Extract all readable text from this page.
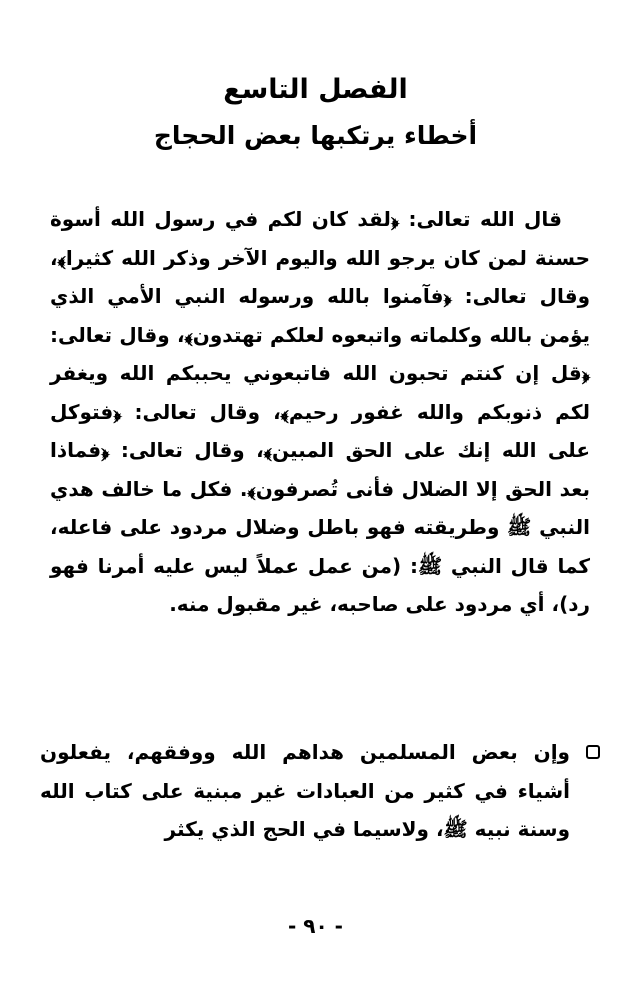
الفصل التاسع
أخطاء يرتكبها بعض الحجاج

قال الله تعالى: ﴿لقد كان لكم في رسول الله أسوة حسنة لمن كان يرجو الله واليوم الآخر وذكر الله كثيرا﴾، وقال تعالى: ﴿فآمنوا بالله ورسوله النبي الأمي الذي يؤمن بالله وكلماته واتبعوه لعلكم تهتدون﴾، وقال تعالى: ﴿قل إن كنتم تحبون الله فاتبعوني يحببكم الله ويغفر لكم ذنوبكم والله غفور رحيم﴾، وقال تعالى: ﴿فتوكل على الله إنك على الحق المبين﴾، وقال تعالى: ﴿فماذا بعد الحق إلا الضلال فأنى تُصرفون﴾. فكل ما خالف هدي النبي ﷺ وطريقته فهو باطل وضلال مردود على فاعله، كما قال النبي ﷺ: (من عمل عملاً ليس عليه أمرنا فهو رد)، أي مردود على صاحبه، غير مقبول منه.

وإن بعض المسلمين هداهم الله ووفقهم، يفعلون أشياء في كثير من العبادات غير مبنية على كتاب الله وسنة نبيه ﷺ، ولاسيما في الحج الذي يكثر

- ٩٠ -
